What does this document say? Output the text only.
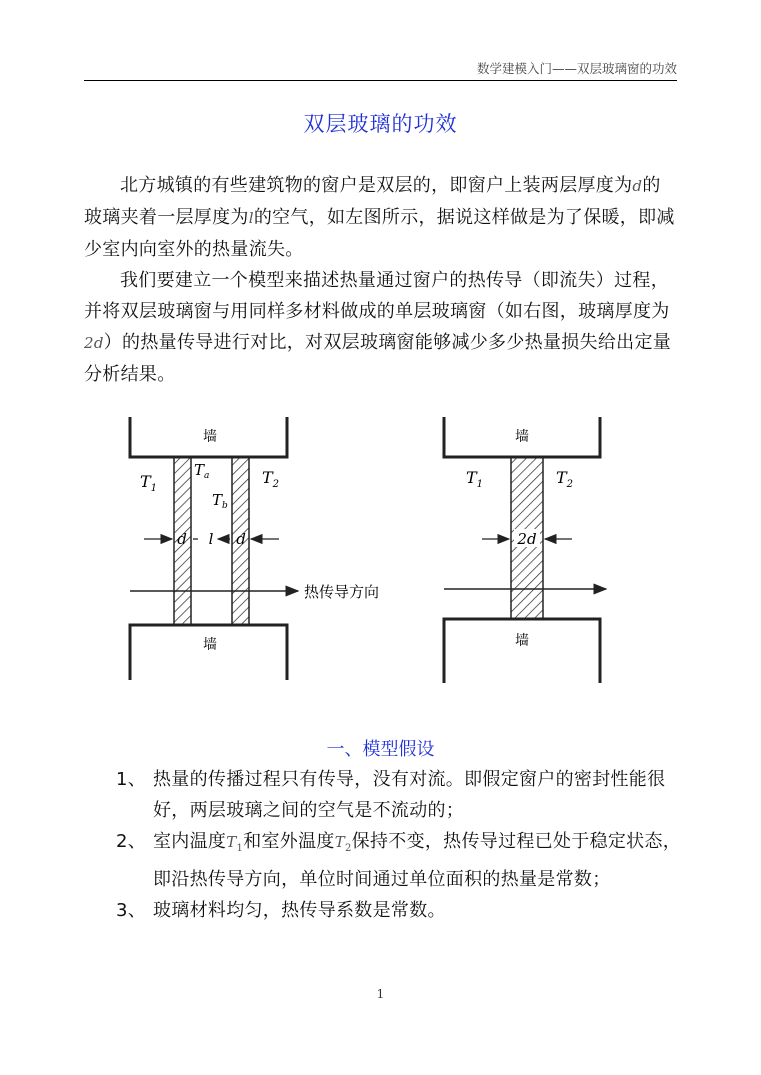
数学建模入门——双层玻璃窗的功效
双层玻璃的功效

北方城镇的有些建筑物的窗户是双层的，即窗户上装两层厚度为d的玻璃夹着一层厚度为l的空气，如左图所示，据说这样做是为了保暖，即减少室内向室外的热量流失。

我们要建立一个模型来描述热量通过窗户的热传导（即流失）过程，并将双层玻璃窗与用同样多材料做成的单层玻璃窗（如右图，玻璃厚度为2d）的热量传导进行对比，对双层玻璃窗能够减少多少热量损失给出定量分析结果。

墙
墙
$T_1$
$T_a$
$T_b$
$T_2$
d l d
热传导方向
墙
墙
$T_1$	$T_2$
2d
一、模型假设
1、 热量的传播过程只有传导，没有对流。即假定窗户的密封性能很好，两层玻璃之间的空气是不流动的；
2、 室内温度$T_1$和室外温度$T_2$保持不变，热传导过程已处于稳定状态，即沿热传导方向，单位时间通过单位面积的热量是常数；
3、 玻璃材料均匀，热传导系数是常数。
1
